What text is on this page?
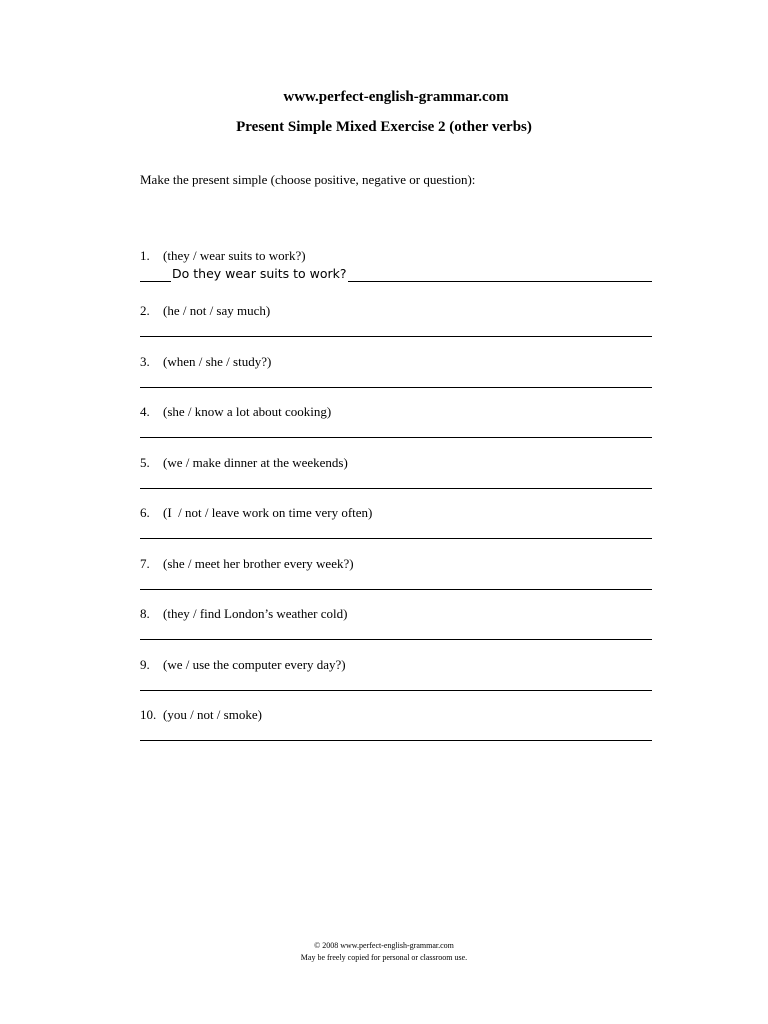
www.perfect-english-grammar.com
Present Simple Mixed Exercise 2 (other verbs)
Make the present simple (choose positive, negative or question):
1. (they / wear suits to work?)
Do they wear suits to work?
2. (he / not / say much)
3. (when / she / study?)
4. (she / know a lot about cooking)
5. (we / make dinner at the weekends)
6. (I  / not / leave work on time very often)
7. (she / meet her brother every week?)
8. (they / find London’s weather cold)
9. (we / use the computer every day?)
10. (you / not / smoke)
© 2008 www.perfect-english-grammar.com
May be freely copied for personal or classroom use.
